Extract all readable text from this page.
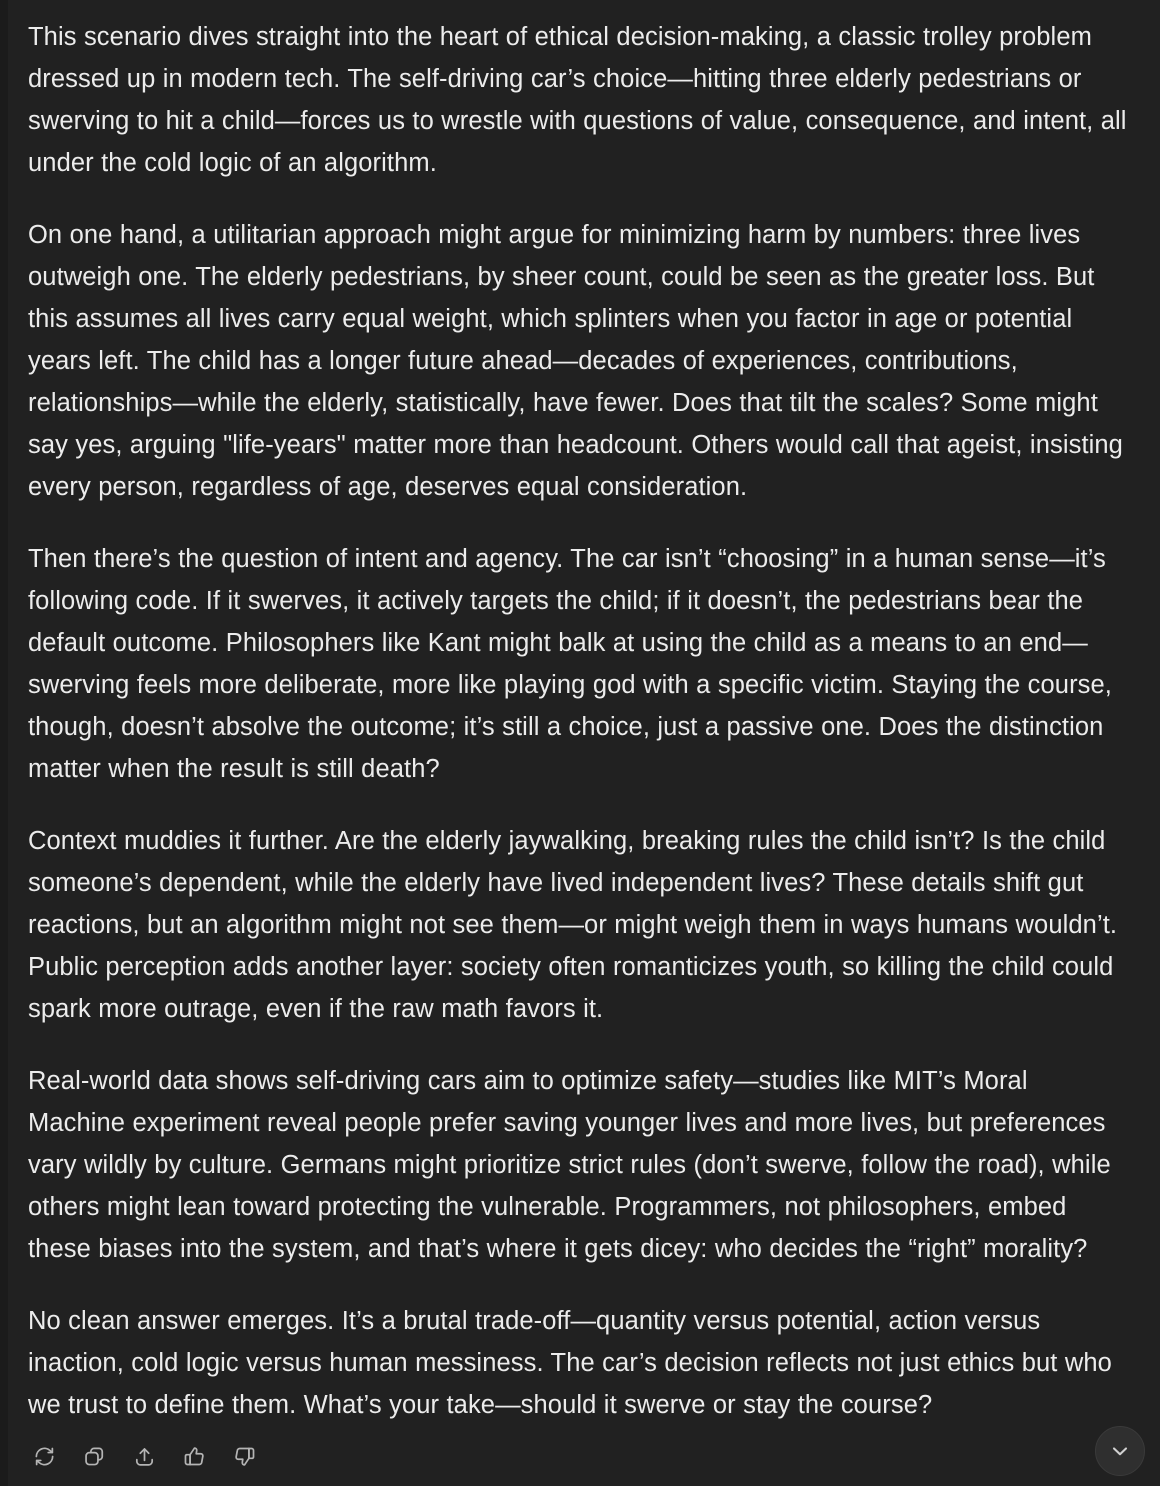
This scenario dives straight into the heart of ethical decision-making, a classic trolley problem dressed up in modern tech. The self-driving car’s choice—hitting three elderly pedestrians or swerving to hit a child—forces us to wrestle with questions of value, consequence, and intent, all under the cold logic of an algorithm.

On one hand, a utilitarian approach might argue for minimizing harm by numbers: three lives outweigh one. The elderly pedestrians, by sheer count, could be seen as the greater loss. But this assumes all lives carry equal weight, which splinters when you factor in age or potential years left. The child has a longer future ahead—decades of experiences, contributions, relationships—while the elderly, statistically, have fewer. Does that tilt the scales? Some might say yes, arguing "life-years" matter more than headcount. Others would call that ageist, insisting every person, regardless of age, deserves equal consideration.

Then there’s the question of intent and agency. The car isn’t “choosing” in a human sense—it’s following code. If it swerves, it actively targets the child; if it doesn’t, the pedestrians bear the default outcome. Philosophers like Kant might balk at using the child as a means to an end—swerving feels more deliberate, more like playing god with a specific victim. Staying the course, though, doesn’t absolve the outcome; it’s still a choice, just a passive one. Does the distinction matter when the result is still death?

Context muddies it further. Are the elderly jaywalking, breaking rules the child isn’t? Is the child someone’s dependent, while the elderly have lived independent lives? These details shift gut reactions, but an algorithm might not see them—or might weigh them in ways humans wouldn’t. Public perception adds another layer: society often romanticizes youth, so killing the child could spark more outrage, even if the raw math favors it.

Real-world data shows self-driving cars aim to optimize safety—studies like MIT’s Moral Machine experiment reveal people prefer saving younger lives and more lives, but preferences vary wildly by culture. Germans might prioritize strict rules (don’t swerve, follow the road), while others might lean toward protecting the vulnerable. Programmers, not philosophers, embed these biases into the system, and that’s where it gets dicey: who decides the “right” morality?

No clean answer emerges. It’s a brutal trade-off—quantity versus potential, action versus inaction, cold logic versus human messiness. The car’s decision reflects not just ethics but who we trust to define them. What’s your take—should it swerve or stay the course?
